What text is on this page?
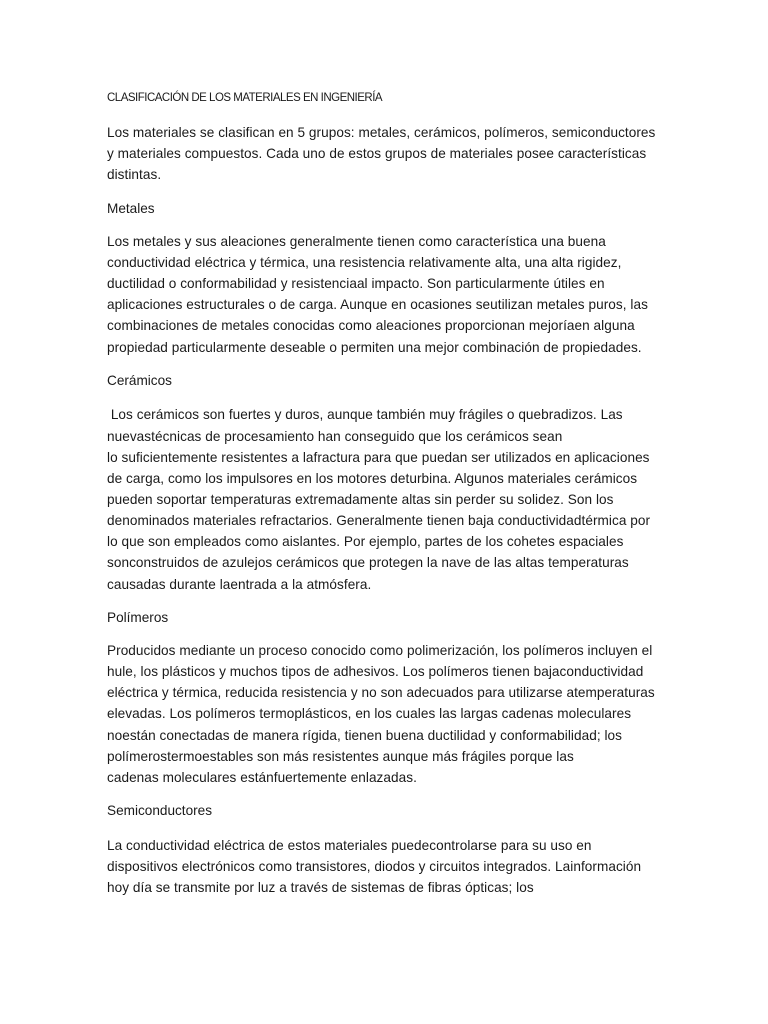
CLASIFICACIÓN DE LOS MATERIALES EN INGENIERÍA

Los materiales se clasifican en 5 grupos: metales, cerámicos, polímeros, semiconductores

y materiales compuestos. Cada uno de estos grupos de materiales posee características

distintas.

Metales

Los metales y sus aleaciones generalmente tienen como característica una buena

conductividad eléctrica y térmica, una resistencia relativamente alta, una alta rigidez,

ductilidad o conformabilidad y resistenciaal impacto. Son particularmente útiles en

aplicaciones estructurales o de carga. Aunque en ocasiones seutilizan metales puros, las

combinaciones de metales conocidas como aleaciones proporcionan mejoríaen alguna

propiedad particularmente deseable o permiten una mejor combinación de propiedades.

Cerámicos

Los cerámicos son fuertes y duros, aunque también muy frágiles o quebradizos. Las

nuevastécnicas de procesamiento han conseguido que los cerámicos sean

lo suficientemente resistentes a lafractura para que puedan ser utilizados en aplicaciones

de carga, como los impulsores en los motores deturbina. Algunos materiales cerámicos

pueden soportar temperaturas extremadamente altas sin perder su solidez. Son los

denominados materiales refractarios. Generalmente tienen baja conductividadtérmica por

lo que son empleados como aislantes. Por ejemplo, partes de los cohetes espaciales

sonconstruidos de azulejos cerámicos que protegen la nave de las altas temperaturas

causadas durante laentrada a la atmósfera.

Polímeros

Producidos mediante un proceso conocido como polimerización, los polímeros incluyen el

hule, los plásticos y muchos tipos de adhesivos. Los polímeros tienen bajaconductividad

eléctrica y térmica, reducida resistencia y no son adecuados para utilizarse atemperaturas

elevadas. Los polímeros termoplásticos, en los cuales las largas cadenas moleculares

noestán conectadas de manera rígida, tienen buena ductilidad y conformabilidad; los

polímerostermoestables son más resistentes aunque más frágiles porque las

cadenas moleculares estánfuertemente enlazadas.

Semiconductores

La conductividad eléctrica de estos materiales puedecontrolarse para su uso en

dispositivos electrónicos como transistores, diodos y circuitos integrados. Lainformación

hoy día se transmite por luz a través de sistemas de fibras ópticas; los
